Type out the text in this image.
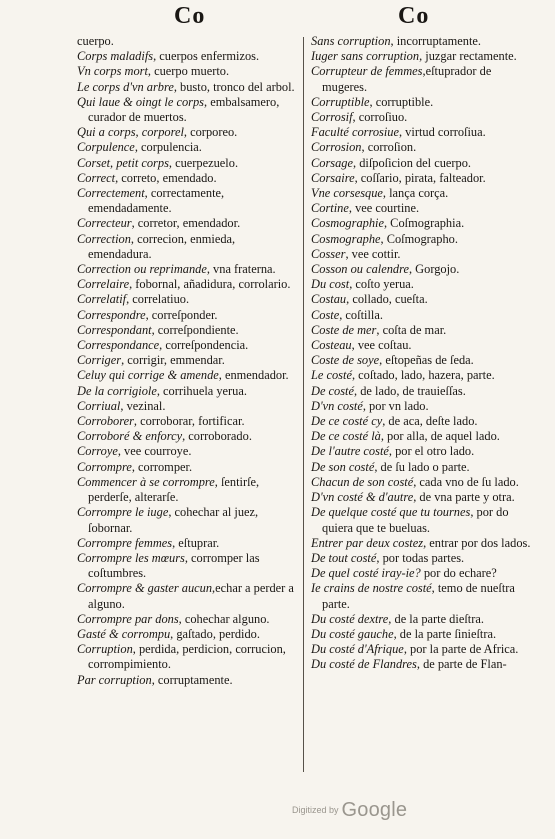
Co	Co
cuerpo.
Corps maladifs, cuerpos enfermizos.
Vn corps mort, cuerpo muerto.
Le corps d'vn arbre, busto, tronco del arbol.
Qui laue & oingt le corps, embalsamero, curador de muertos.
Qui a corps, corporel, corporeo.
Corpulence, corpulencia.
Corset, petit corps, cuerpezuelo.
Correct, correto, emendado.
Correctement, correctamente, emendadamente.
Correcteur, corretor, emendador.
Correction, correcion, enmieda, emendadura.
Correction ou reprimande, vna fraterna.
Correlaire, fobornal, añadidura, corrolario.
Correlatif, correlatiuo.
Correspondre, correſponder.
Correspondant, correſpondiente.
Correspondance, correſpondencia.
Corriger, corrigir, emmendar.
Celuy qui corrige & amende, enmendador.
De la corrigiole, corrihuela yerua.
Corriual, vezinal.
Corroborer, corroborar, fortificar.
Corroboré & enforcy, corroborado.
Corroye, vee courroye.
Corrompre, corromper.
Commencer à se corrompre, ſentirſe, perderſe, alterarſe.
Corrompre le iuge, cohechar al juez, ſobornar.
Corrompre femmes, eſtuprar.
Corrompre les mœurs, corromper las coſtumbres.
Corrompre & gaster aucun,echar a perder a alguno.
Corrompre par dons, cohechar alguno.
Gasté & corrompu, gaſtado, perdido.
Corruption, perdida, perdicion, corrucion, corrompimiento.
Par corruption, corruptamente.
Sans corruption, incorruptamente.
Iuger sans corruption, juzgar rectamente.
Corrupteur de femmes,eſtuprador de mugeres.
Corruptible, corruptible.
Corrosif, corroſiuo.
Faculté corrosiue, virtud corroſiua.
Corrosion, corroſion.
Corsage, diſpoſicion del cuerpo.
Corsaire, coſſario, pirata, falteador.
Vne corsesque, lança corça.
Cortine, vee courtine.
Cosmographie, Coſmographia.
Cosmographe, Coſmographo.
Cosser, vee cottir.
Cosson ou calendre, Gorgojo.
Du cost, coſto yerua.
Costau, collado, cueſta.
Coste, coſtilla.
Coste de mer, coſta de mar.
Costeau, vee coſtau.
Coste de soye, eſtopeñas de ſeda.
Le costé, coſtado, lado, hazera, parte.
De costé, de lado, de trauieſſas.
D'vn costé, por vn lado.
De ce costé cy, de aca, deſte lado.
De ce costé là, por alla, de aquel lado.
De l'autre costé, por el otro lado.
De son costé, de ſu lado o parte.
Chacun de son costé, cada vno de ſu lado.
D'vn costé & d'autre, de vna parte y otra.
De quelque costé que tu tournes, por do quiera que te bueluas.
Entrer par deux costez, entrar por dos lados.
De tout costé, por todas partes.
De quel costé iray-ie? por do echare?
Ie crains de nostre costé, temo de nueſtra parte.
Du costé dextre, de la parte dieſtra.
Du costé gauche, de la parte ſinieſtra.
Du costé d'Afrique, por la parte de Africa.
Du costé de Flandres, de parte de Flan-
Digitized by Google
